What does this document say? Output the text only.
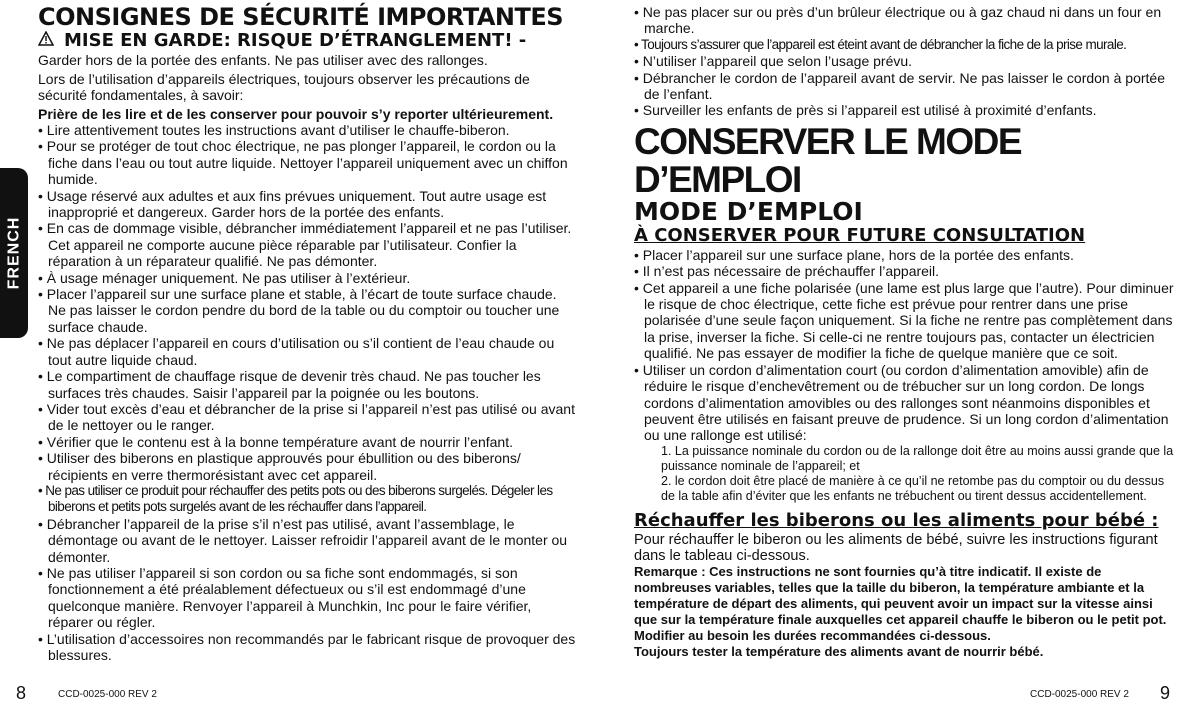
FRENCH
CONSIGNES DE SÉCURITÉ IMPORTANTES
MISE EN GARDE: RISQUE D’ÉTRANGLEMENT! -

Garder hors de la portée des enfants. Ne pas utiliser avec des rallonges.

Lors de l’utilisation d’appareils électriques, toujours observer les précautions de sécurité fondamentales, à savoir:

Prière de les lire et de les conserver pour pouvoir s’y reporter ultérieurement.

• Lire attentivement toutes les instructions avant d’utiliser le chauffe-biberon.
• Pour se protéger de tout choc électrique, ne pas plonger l’appareil, le cordon ou la fiche dans l’eau ou tout autre liquide. Nettoyer l’appareil uniquement avec un chiffon humide.
• Usage réservé aux adultes et aux fins prévues uniquement. Tout autre usage est inapproprié et dangereux. Garder hors de la portée des enfants.
• En cas de dommage visible, débrancher immédiatement l’appareil et ne pas l’utiliser. Cet appareil ne comporte aucune pièce réparable par l’utilisateur. Confier la réparation à un réparateur qualifié. Ne pas démonter.
• À usage ménager uniquement. Ne pas utiliser à l’extérieur.
• Placer l’appareil sur une surface plane et stable, à l’écart de toute surface chaude. Ne pas laisser le cordon pendre du bord de la table ou du comptoir ou toucher une surface chaude.
• Ne pas déplacer l’appareil en cours d’utilisation ou s’il contient de l’eau chaude ou tout autre liquide chaud.
• Le compartiment de chauffage risque de devenir très chaud. Ne pas toucher les surfaces très chaudes. Saisir l’appareil par la poignée ou les boutons.
• Vider tout excès d’eau et débrancher de la prise si l’appareil n’est pas utilisé ou avant de le nettoyer ou le ranger.
• Vérifier que le contenu est à la bonne température avant de nourrir l’enfant.
• Utiliser des biberons en plastique approuvés pour ébullition ou des biberons/ récipients en verre thermorésistant avec cet appareil.
• Ne pas utiliser ce produit pour réchauffer des petits pots ou des biberons surgelés. Dégeler les biberons et petits pots surgelés avant de les réchauffer dans l’appareil.
• Débrancher l’appareil de la prise s’il n’est pas utilisé, avant l’assemblage, le démontage ou avant de le nettoyer. Laisser refroidir l’appareil avant de le monter ou démonter.
• Ne pas utiliser l’appareil si son cordon ou sa fiche sont endommagés, si son fonctionnement a été préalablement défectueux ou s’il est endommagé d’une quelconque manière. Renvoyer l’appareil à Munchkin, Inc pour le faire vérifier, réparer ou régler.
• L’utilisation d’accessoires non recommandés par le fabricant risque de provoquer des blessures.
• Ne pas placer sur ou près d’un brûleur électrique ou à gaz chaud ni dans un four en marche.
• Toujours s’assurer que l’appareil est éteint avant de débrancher la fiche de la prise murale.
• N’utiliser l’appareil que selon l’usage prévu.
• Débrancher le cordon de l’appareil avant de servir. Ne pas laisser le cordon à portée de l’enfant.
• Surveiller les enfants de près si l’appareil est utilisé à proximité d’enfants.
CONSERVER LE MODE D’EMPLOI
MODE D’EMPLOI
À CONSERVER POUR FUTURE CONSULTATION
• Placer l’appareil sur une surface plane, hors de la portée des enfants.
• Il n’est pas nécessaire de préchauffer l’appareil.
• Cet appareil a une fiche polarisée (une lame est plus large que l’autre). Pour diminuer le risque de choc électrique, cette fiche est prévue pour rentrer dans une prise polarisée d’une seule façon uniquement. Si la fiche ne rentre pas complètement dans la prise, inverser la fiche. Si celle-ci ne rentre toujours pas, contacter un électricien qualifié. Ne pas essayer de modifier la fiche de quelque manière que ce soit.
• Utiliser un cordon d’alimentation court (ou cordon d’alimentation amovible) afin de réduire le risque d’enchevêtrement ou de trébucher sur un long cordon. De longs cordons d’alimentation amovibles ou des rallonges sont néanmoins disponibles et peuvent être utilisés en faisant preuve de prudence. Si un long cordon d’alimentation ou une rallonge est utilisé:

1. La puissance nominale du cordon ou de la rallonge doit être au moins aussi grande que la puissance nominale de l’appareil; et

2. le cordon doit être placé de manière à ce qu’il ne retombe pas du comptoir ou du dessus de la table afin d’éviter que les enfants ne trébuchent ou tirent dessus accidentellement.

Réchauffer les biberons ou les aliments pour bébé :

Pour réchauffer le biberon ou les aliments de bébé, suivre les instructions figurant dans le tableau ci-dessous.

Remarque : Ces instructions ne sont fournies qu’à titre indicatif. Il existe de nombreuses variables, telles que la taille du biberon, la température ambiante et la température de départ des aliments, qui peuvent avoir un impact sur la vitesse ainsi que sur la température finale auxquelles cet appareil chauffe le biberon ou le petit pot. Modifier au besoin les durées recommandées ci-dessous.

Toujours tester la température des aliments avant de nourrir bébé.

8	CCD-0025-000 REV 2	CCD-0025-000 REV 2 9
